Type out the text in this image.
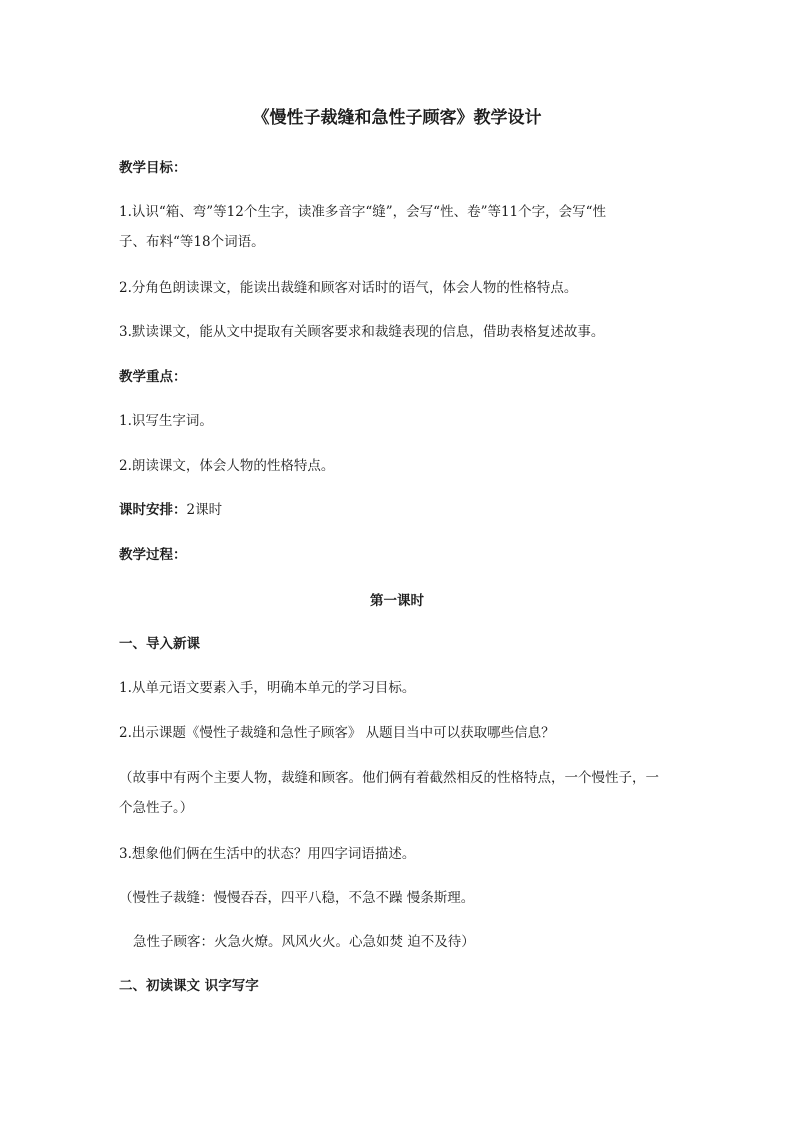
《慢性子裁缝和急性子顾客》教学设计
教学目标：
1.认识“箱、弯”等12个生字，读准多音字“缝”，会写“性、卷”等11个字，会写“性
子、布料“等18个词语。
2.分角色朗读课文，能读出裁缝和顾客对话时的语气，体会人物的性格特点。
3.默读课文，能从文中提取有关顾客要求和裁缝表现的信息，借助表格复述故事。
教学重点：
1.识写生字词。
2.朗读课文，体会人物的性格特点。
课时安排：2课时
教学过程：
第一课时
一、导入新课
1.从单元语文要素入手，明确本单元的学习目标。
2.出示课题《慢性子裁缝和急性子顾客》 从题目当中可以获取哪些信息？
（故事中有两个主要人物，裁缝和顾客。他们俩有着截然相反的性格特点，一个慢性子，一
个急性子。）
3.想象他们俩在生活中的状态？用四字词语描述。
（慢性子裁缝：慢慢吞吞，四平八稳，不急不躁 慢条斯理。
急性子顾客：火急火燎。风风火火。心急如焚 迫不及待）
二、初读课文 识字写字
